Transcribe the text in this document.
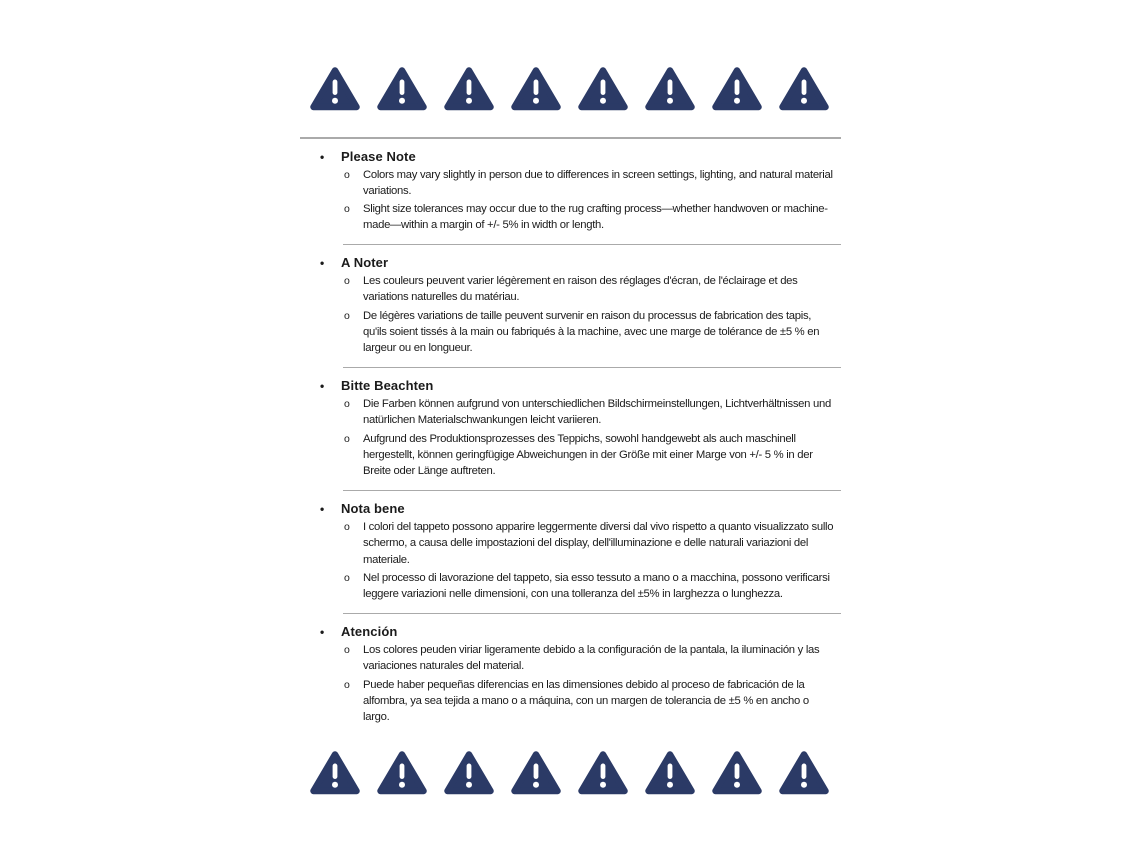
•	Please Note
o	Colors may vary slightly in person due to differences in screen settings, lighting, and natural material variations.

o	Slight size tolerances may occur due to the rug crafting process—whether handwoven or machine-made—within a margin of +/- 5% in width or length.

•	A Noter
o	Les couleurs peuvent varier légèrement en raison des réglages d'écran, de l'éclairage et des variations naturelles du matériau.

o	De légères variations de taille peuvent survenir en raison du processus de fabrication des tapis, qu'ils soient tissés à la main ou fabriqués à la machine, avec une marge de tolérance de ±5 % en largeur ou en longueur.

•	Bitte Beachten
o	Die Farben können aufgrund von unterschiedlichen Bildschirmeinstellungen, Lichtverhältnissen und natürlichen Materialschwankungen leicht variieren.

o	Aufgrund des Produktionsprozesses des Teppichs, sowohl handgewebt als auch maschinell hergestellt, können geringfügige Abweichungen in der Größe mit einer Marge von +/- 5 % in der Breite oder Länge auftreten.

•	Nota bene
o	I colori del tappeto possono apparire leggermente diversi dal vivo rispetto a quanto visualizzato sullo schermo, a causa delle impostazioni del display, dell'illuminazione e delle naturali variazioni del materiale.

o	Nel processo di lavorazione del tappeto, sia esso tessuto a mano o a macchina, possono verificarsi leggere variazioni nelle dimensioni, con una tolleranza del ±5% in larghezza o lunghezza.

•	Atención
o	Los colores peuden viriar ligeramente debido a la configuración de la pantala, la iluminación y las variaciones naturales del material.

o	Puede haber pequeñas diferencias en las dimensiones debido al proceso de fabricación de la alfombra, ya sea tejida a mano o a máquina, con un margen de tolerancia de ±5 % en ancho o largo.
